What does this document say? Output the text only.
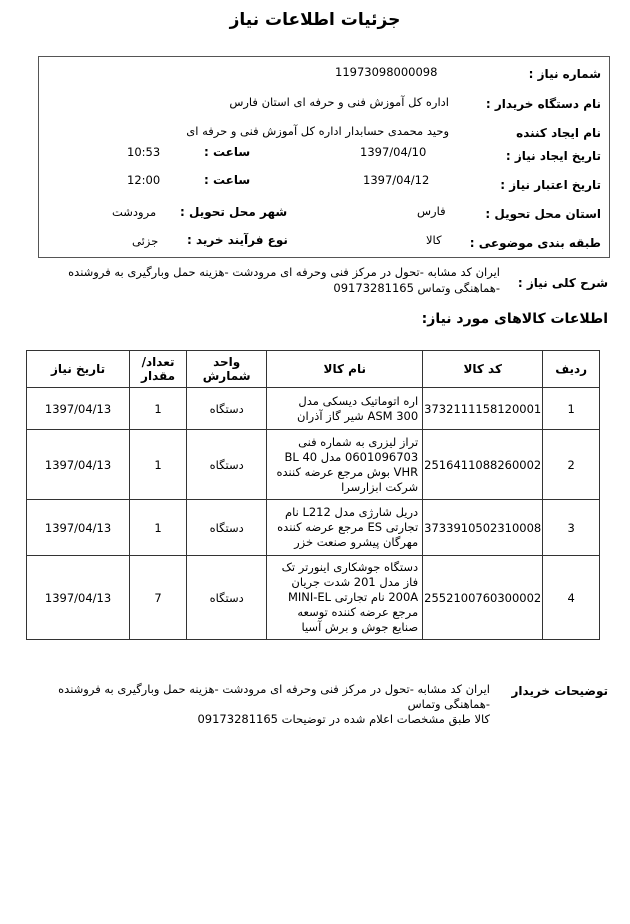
جزئیات اطلاعات نیاز
شماره نیاز :
11973098000098
نام دستگاه خریدار :
اداره کل آموزش فنی و حرفه ای استان فارس
نام ایجاد کننده
وحید محمدی حسابدار اداره کل آموزش فنی و حرفه ای
تاریخ ایجاد نیاز :
1397/04/10
ساعت :
10:53
تاریخ اعتبار نیاز :
1397/04/12
ساعت :
12:00
استان محل تحویل :
فارس
شهر محل تحویل :
مرودشت
طبقه بندی موضوعی :
کالا
نوع فرآیند خرید :
جزئی
شرح کلی نیاز :
ایران کد مشابه -تحول در مرکز فنی وحرفه ای مرودشت -هزینه حمل وبارگیری به فروشنده -هماهنگی وتماس 09173281165
اطلاعات کالاهای مورد نیاز:
ردیف	کد کالا	نام کالا	واحد شمارش	تعداد/ مقدار	تاریخ نیاز
1	3732111158120001	اره اتوماتیک دیسکی مدل ASM 300 شیر گاز آذران	دستگاه	1	1397/04/13
2	2516411088260002	تراز لیزری به شماره فنی 0601096703 مدل BL 40 VHR بوش مرجع عرضه کننده شرکت ابزارسرا	دستگاه	1	1397/04/13
3	3733910502310008	دریل شارژی مدل L212 نام تجارتی ES مرجع عرضه کننده مهرگان پیشرو صنعت خزر	دستگاه	1	1397/04/13
4	2552100760300002	دستگاه جوشکاری اینورتر تک فاز مدل 201 شدت جریان 200A نام تجارتی MINI-EL مرجع عرضه کننده توسعه صنایع جوش و برش آسیا	دستگاه	7	1397/04/13
توضیحات خریدار
ایران کد مشابه -تحول در مرکز فنی وحرفه ای مرودشت -هزینه حمل وبارگیری به فروشنده
-هماهنگی وتماس
کالا طبق مشخصات اعلام شده در توضیحات 09173281165
